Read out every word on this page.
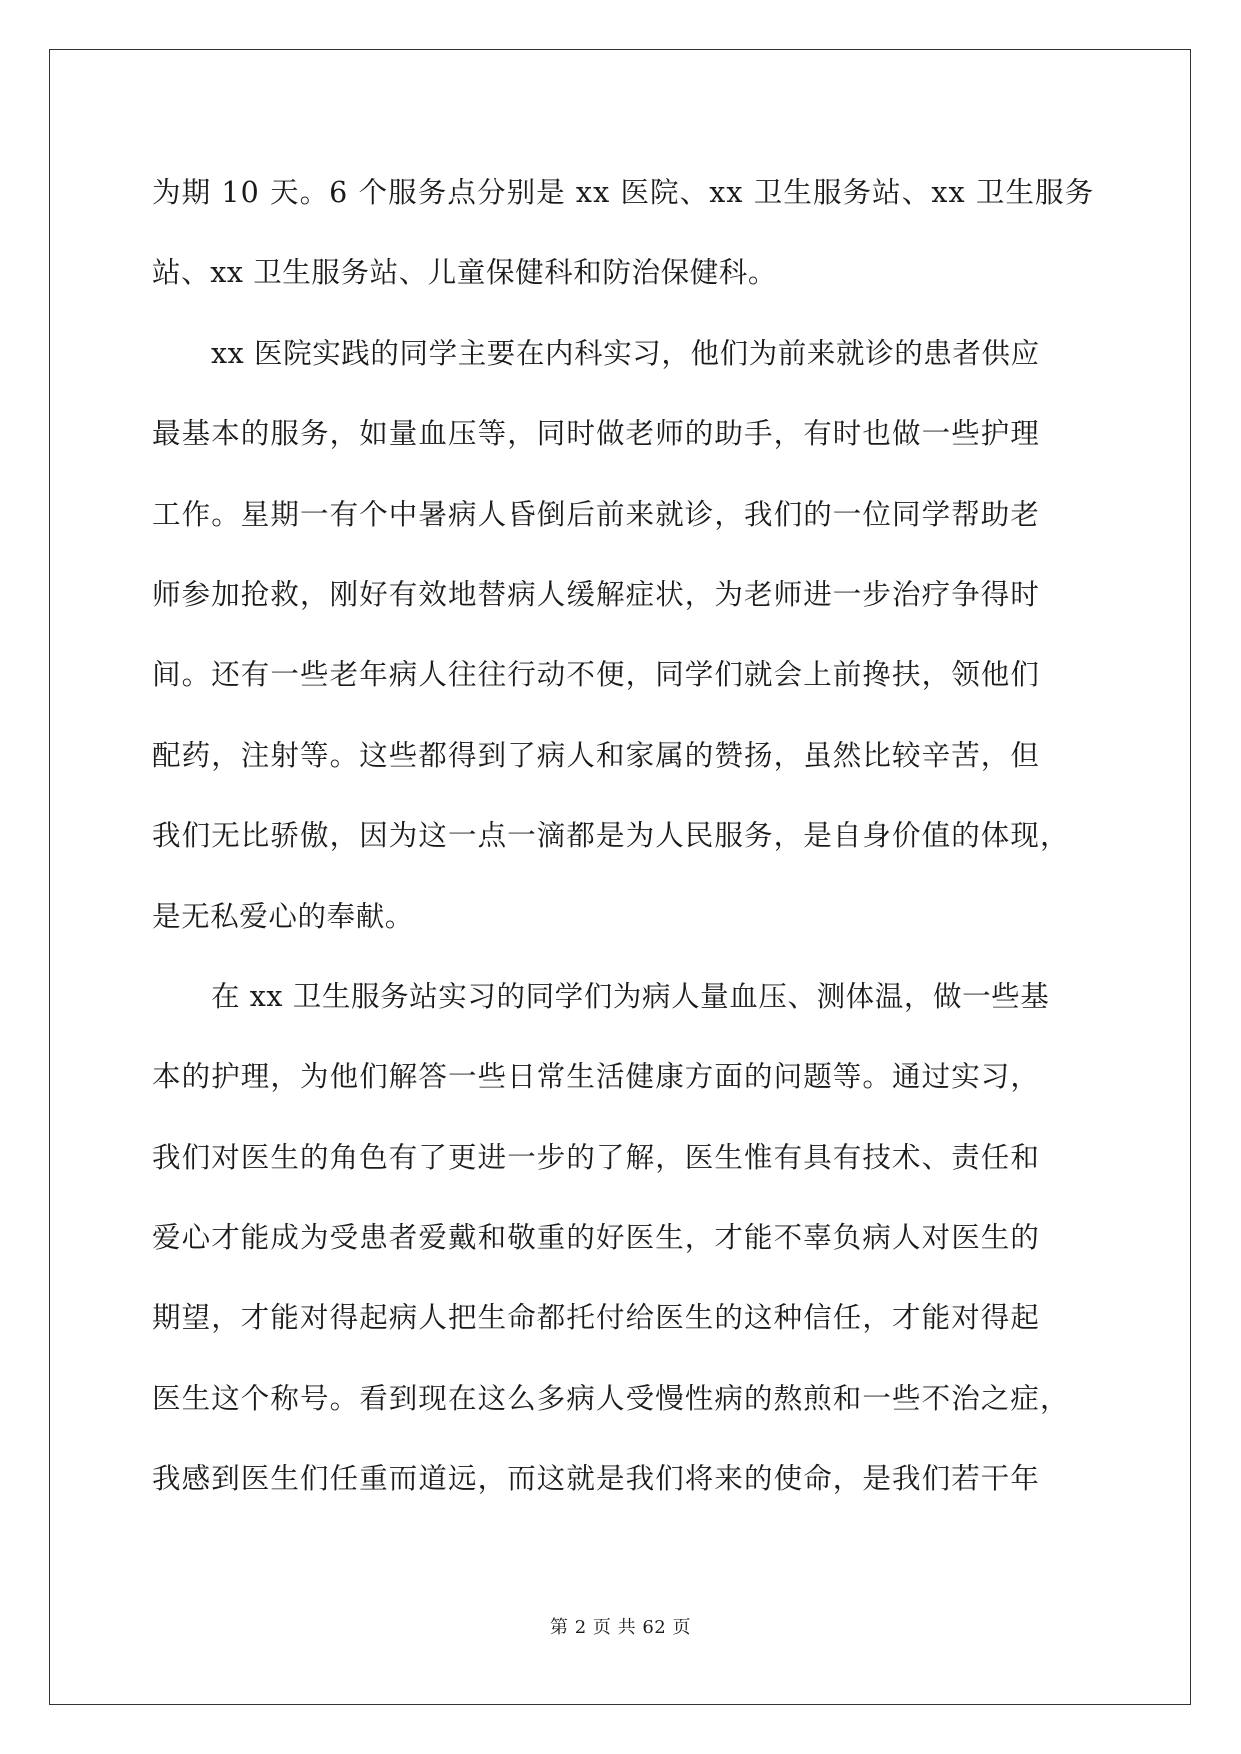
为期 10 天。6 个服务点分别是 xx 医院、xx 卫生服务站、xx 卫生服务
站、xx 卫生服务站、儿童保健科和防治保健科。
xx 医院实践的同学主要在内科实习，他们为前来就诊的患者供应
最基本的服务，如量血压等，同时做老师的助手，有时也做一些护理
工作。星期一有个中暑病人昏倒后前来就诊，我们的一位同学帮助老
师参加抢救，刚好有效地替病人缓解症状，为老师进一步治疗争得时
间。还有一些老年病人往往行动不便，同学们就会上前搀扶，领他们
配药，注射等。这些都得到了病人和家属的赞扬，虽然比较辛苦，但
我们无比骄傲，因为这一点一滴都是为人民服务，是自身价值的体现，
是无私爱心的奉献。
在 xx 卫生服务站实习的同学们为病人量血压、测体温，做一些基
本的护理，为他们解答一些日常生活健康方面的问题等。通过实习，
我们对医生的角色有了更进一步的了解，医生惟有具有技术、责任和
爱心才能成为受患者爱戴和敬重的好医生，才能不辜负病人对医生的
期望，才能对得起病人把生命都托付给医生的这种信任，才能对得起
医生这个称号。看到现在这么多病人受慢性病的熬煎和一些不治之症，
我感到医生们任重而道远，而这就是我们将来的使命，是我们若干年
第 2 页 共 62 页
